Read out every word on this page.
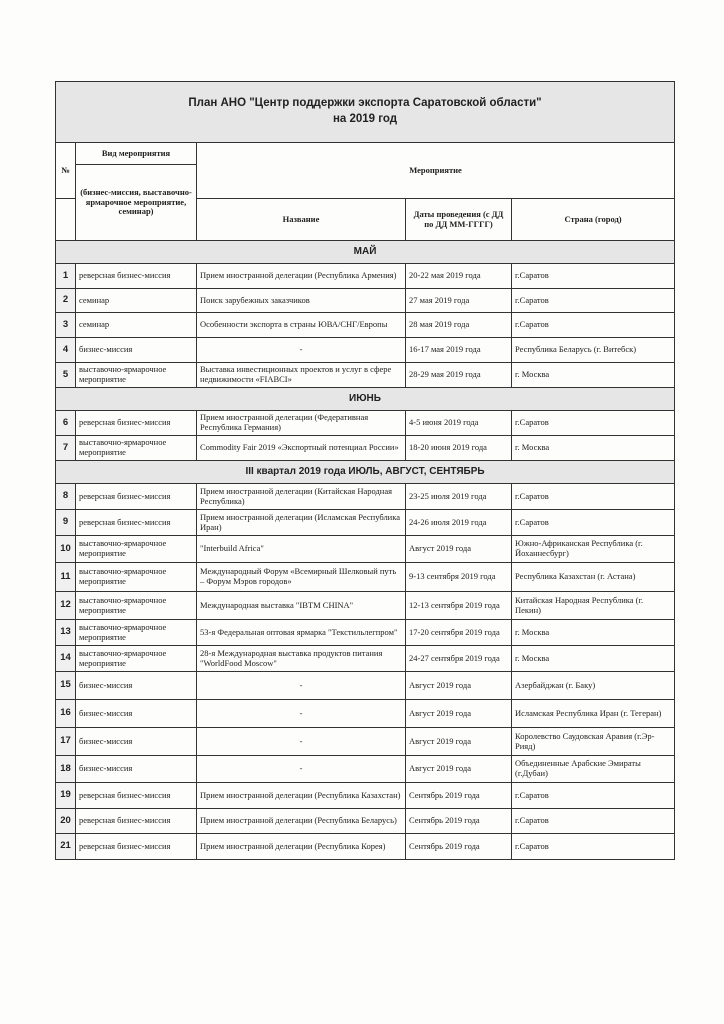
План АНО "Центр поддержки экспорта Саратовской области"
на 2019 год				

№	Вид мероприятия	Мероприятие		
	(бизнес-миссия, выставочно-ярмарочное мероприятие, семинар)			
		Название	Даты проведения (с ДД по ДД ММ-ГГГГ)	Страна (город)
МАЙ				
1	реверсная бизнес-миссия	Прием иностранной делегации (Республика Армения)	20-22 мая 2019 года	г.Саратов
2	семинар	Поиск зарубежных заказчиков	27 мая 2019 года	г.Саратов
3	семинар	Особенности экспорта в страны ЮВА/СНГ/Европы	28 мая 2019 года	г.Саратов
4	бизнес-миссия	-	16-17 мая 2019 года	Республика Беларусь (г. Витебск)
5	выставочно-ярмарочное мероприятие	Выставка инвестиционных проектов и услуг в сфере недвижимости «FIABCI»	28-29 мая 2019 года	г. Москва
ИЮНЬ				
6	реверсная бизнес-миссия	Прием иностранной делегации (Федеративная Республика Германия)	4-5 июня 2019 года	г.Саратов
7	выставочно-ярмарочное мероприятие	Commodity Fair 2019 «Экспортный потенциал России»	18-20 июня 2019 года	г. Москва
III квартал 2019 года ИЮЛЬ, АВГУСТ, СЕНТЯБРЬ				
8	реверсная бизнес-миссия	Прием иностранной делегации (Китайская Народная Республика)	23-25 июля 2019 года	г.Саратов
9	реверсная бизнес-миссия	Прием иностранной делегации (Исламская Республика Иран)	24-26 июля 2019 года	г.Саратов
10	выставочно-ярмарочное мероприятие	"Interbuild Africa"	Август 2019 года	Южно-Африканская Республика (г. Йоханнесбург)
11	выставочно-ярмарочное мероприятие	Международный Форум «Всемирный Шелковый путь – Форум Мэров городов»	9-13 сентября 2019 года	Республика Казахстан (г. Астана)
12	выставочно-ярмарочное мероприятие	Международная выставка "IBTM CHINA"	12-13 сентября 2019 года	Китайская Народная Республика (г. Пекин)
13	выставочно-ярмарочное мероприятие	53-я Федеральная оптовая ярмарка "Текстильлегпром"	17-20 сентября 2019 года	г. Москва
14	выставочно-ярмарочное мероприятие	28-я Международная выставка продуктов питания "WorldFood Moscow"	24-27 сентября 2019 года	г. Москва
15	бизнес-миссия	-	Август 2019 года	Азербайджан (г. Баку)
16	бизнес-миссия	-	Август 2019 года	Исламская Республика Иран (г. Тегеран)
17	бизнес-миссия	-	Август 2019 года	Королевство Саудовская Аравия (г.Эр-Рияд)
18	бизнес-миссия	-	Август 2019 года	Объединенные Арабские Эмираты (г.Дубаи)
19	реверсная бизнес-миссия	Прием иностранной делегации (Республика Казахстан)	Сентябрь 2019 года	г.Саратов
20	реверсная бизнес-миссия	Прием иностранной делегации (Республика Беларусь)	Сентябрь 2019 года	г.Саратов
21	реверсная бизнес-миссия	Прием иностранной делегации (Республика Корея)	Сентябрь 2019 года	г.Саратов
